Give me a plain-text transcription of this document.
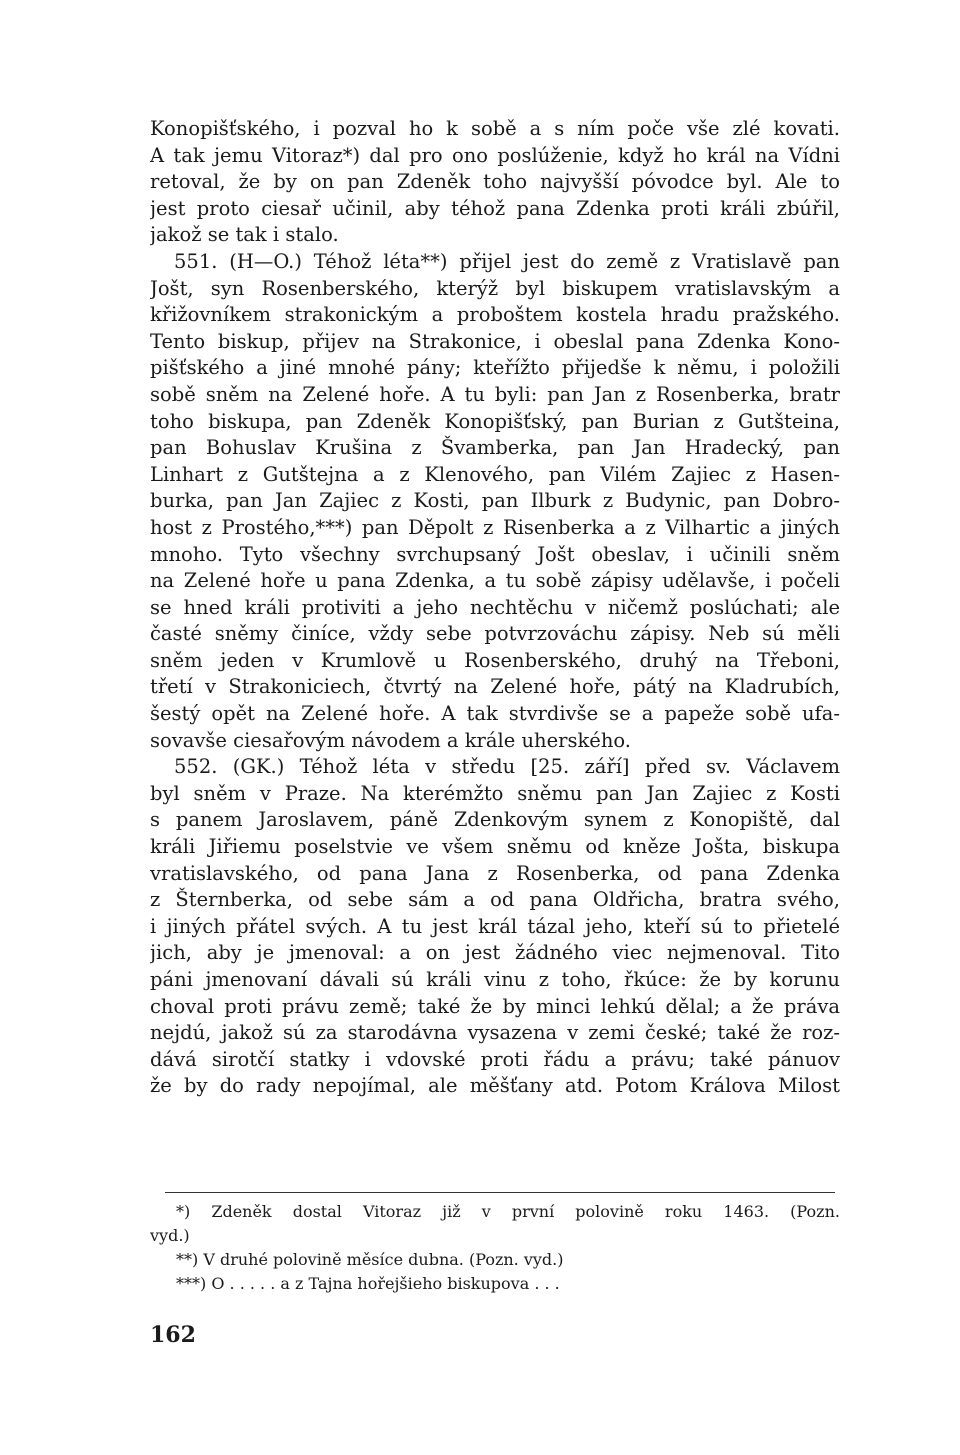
Konopišťského, i pozval ho k sobě a s ním poče vše zlé kovati.
A tak jemu Vitoraz*) dal pro ono poslúženie, když ho král na Vídni
retoval, že by on pan Zdeněk toho najvyšší póvodce byl. Ale to
jest proto ciesař učinil, aby téhož pana Zdenka proti králi zbúřil,
jakož se tak i stalo.
551. (H—O.) Téhož léta**) přijel jest do země z Vratislavě pan
Jošt, syn Rosenberského, kterýž byl biskupem vratislavským a
křižovníkem strakonickým a proboštem kostela hradu pražského.
Tento biskup, přijev na Strakonice, i obeslal pana Zdenka Kono-
pišťského a jiné mnohé pány; kteřížto přijedše k němu, i položili
sobě sněm na Zelené hoře. A tu byli: pan Jan z Rosenberka, bratr
toho biskupa, pan Zdeněk Konopišťský, pan Burian z Gutšteina,
pan Bohuslav Krušina z Švamberka, pan Jan Hradecký, pan
Linhart z Gutštejna a z Klenového, pan Vilém Zajiec z Hasen-
burka, pan Jan Zajiec z Kosti, pan Ilburk z Budynic, pan Dobro-
host z Prostého,***) pan Děpolt z Risenberka a z Vilhartic a jiných
mnoho. Tyto všechny svrchupsaný Jošt obeslav, i učinili sněm
na Zelené hoře u pana Zdenka, a tu sobě zápisy udělavše, i počeli
se hned králi protiviti a jeho nechtěchu v ničemž poslúchati; ale
časté sněmy činíce, vždy sebe potvrzováchu zápisy. Neb sú měli
sněm jeden v Krumlově u Rosenberského, druhý na Třeboni,
třetí v Strakoniciech, čtvrtý na Zelené hoře, pátý na Kladrubích,
šestý opět na Zelené hoře. A tak stvrdivše se a papeže sobě ufa-
sovavše ciesařovým návodem a krále uherského.
552. (GK.) Téhož léta v středu [25. září] před sv. Václavem
byl sněm v Praze. Na kterémžto sněmu pan Jan Zajiec z Kosti
s panem Jaroslavem, páně Zdenkovým synem z Konopiště, dal
králi Jiřiemu poselstvie ve všem sněmu od kněze Jošta, biskupa
vratislavského, od pana Jana z Rosenberka, od pana Zdenka
z Šternberka, od sebe sám a od pana Oldřicha, bratra svého,
i jiných přátel svých. A tu jest král tázal jeho, kteří sú to přietelé
jich, aby je jmenoval: a on jest žádného viec nejmenoval. Tito
páni jmenovaní dávali sú králi vinu z toho, řkúce: že by korunu
choval proti právu země; také že by minci lehkú dělal; a že práva
nejdú, jakož sú za starodávna vysazena v zemi české; také že roz-
dává sirotčí statky i vdovské proti řádu a právu; také pánuov
že by do rady nepojímal, ale měšťany atd. Potom Králova Milost
*) Zdeněk dostal Vitoraz již v první polovině roku 1463. (Pozn.
vyd.)
**) V druhé polovině měsíce dubna. (Pozn. vyd.)
***) O . . . . . a z Tajna hořejšieho biskupova . . .
162
